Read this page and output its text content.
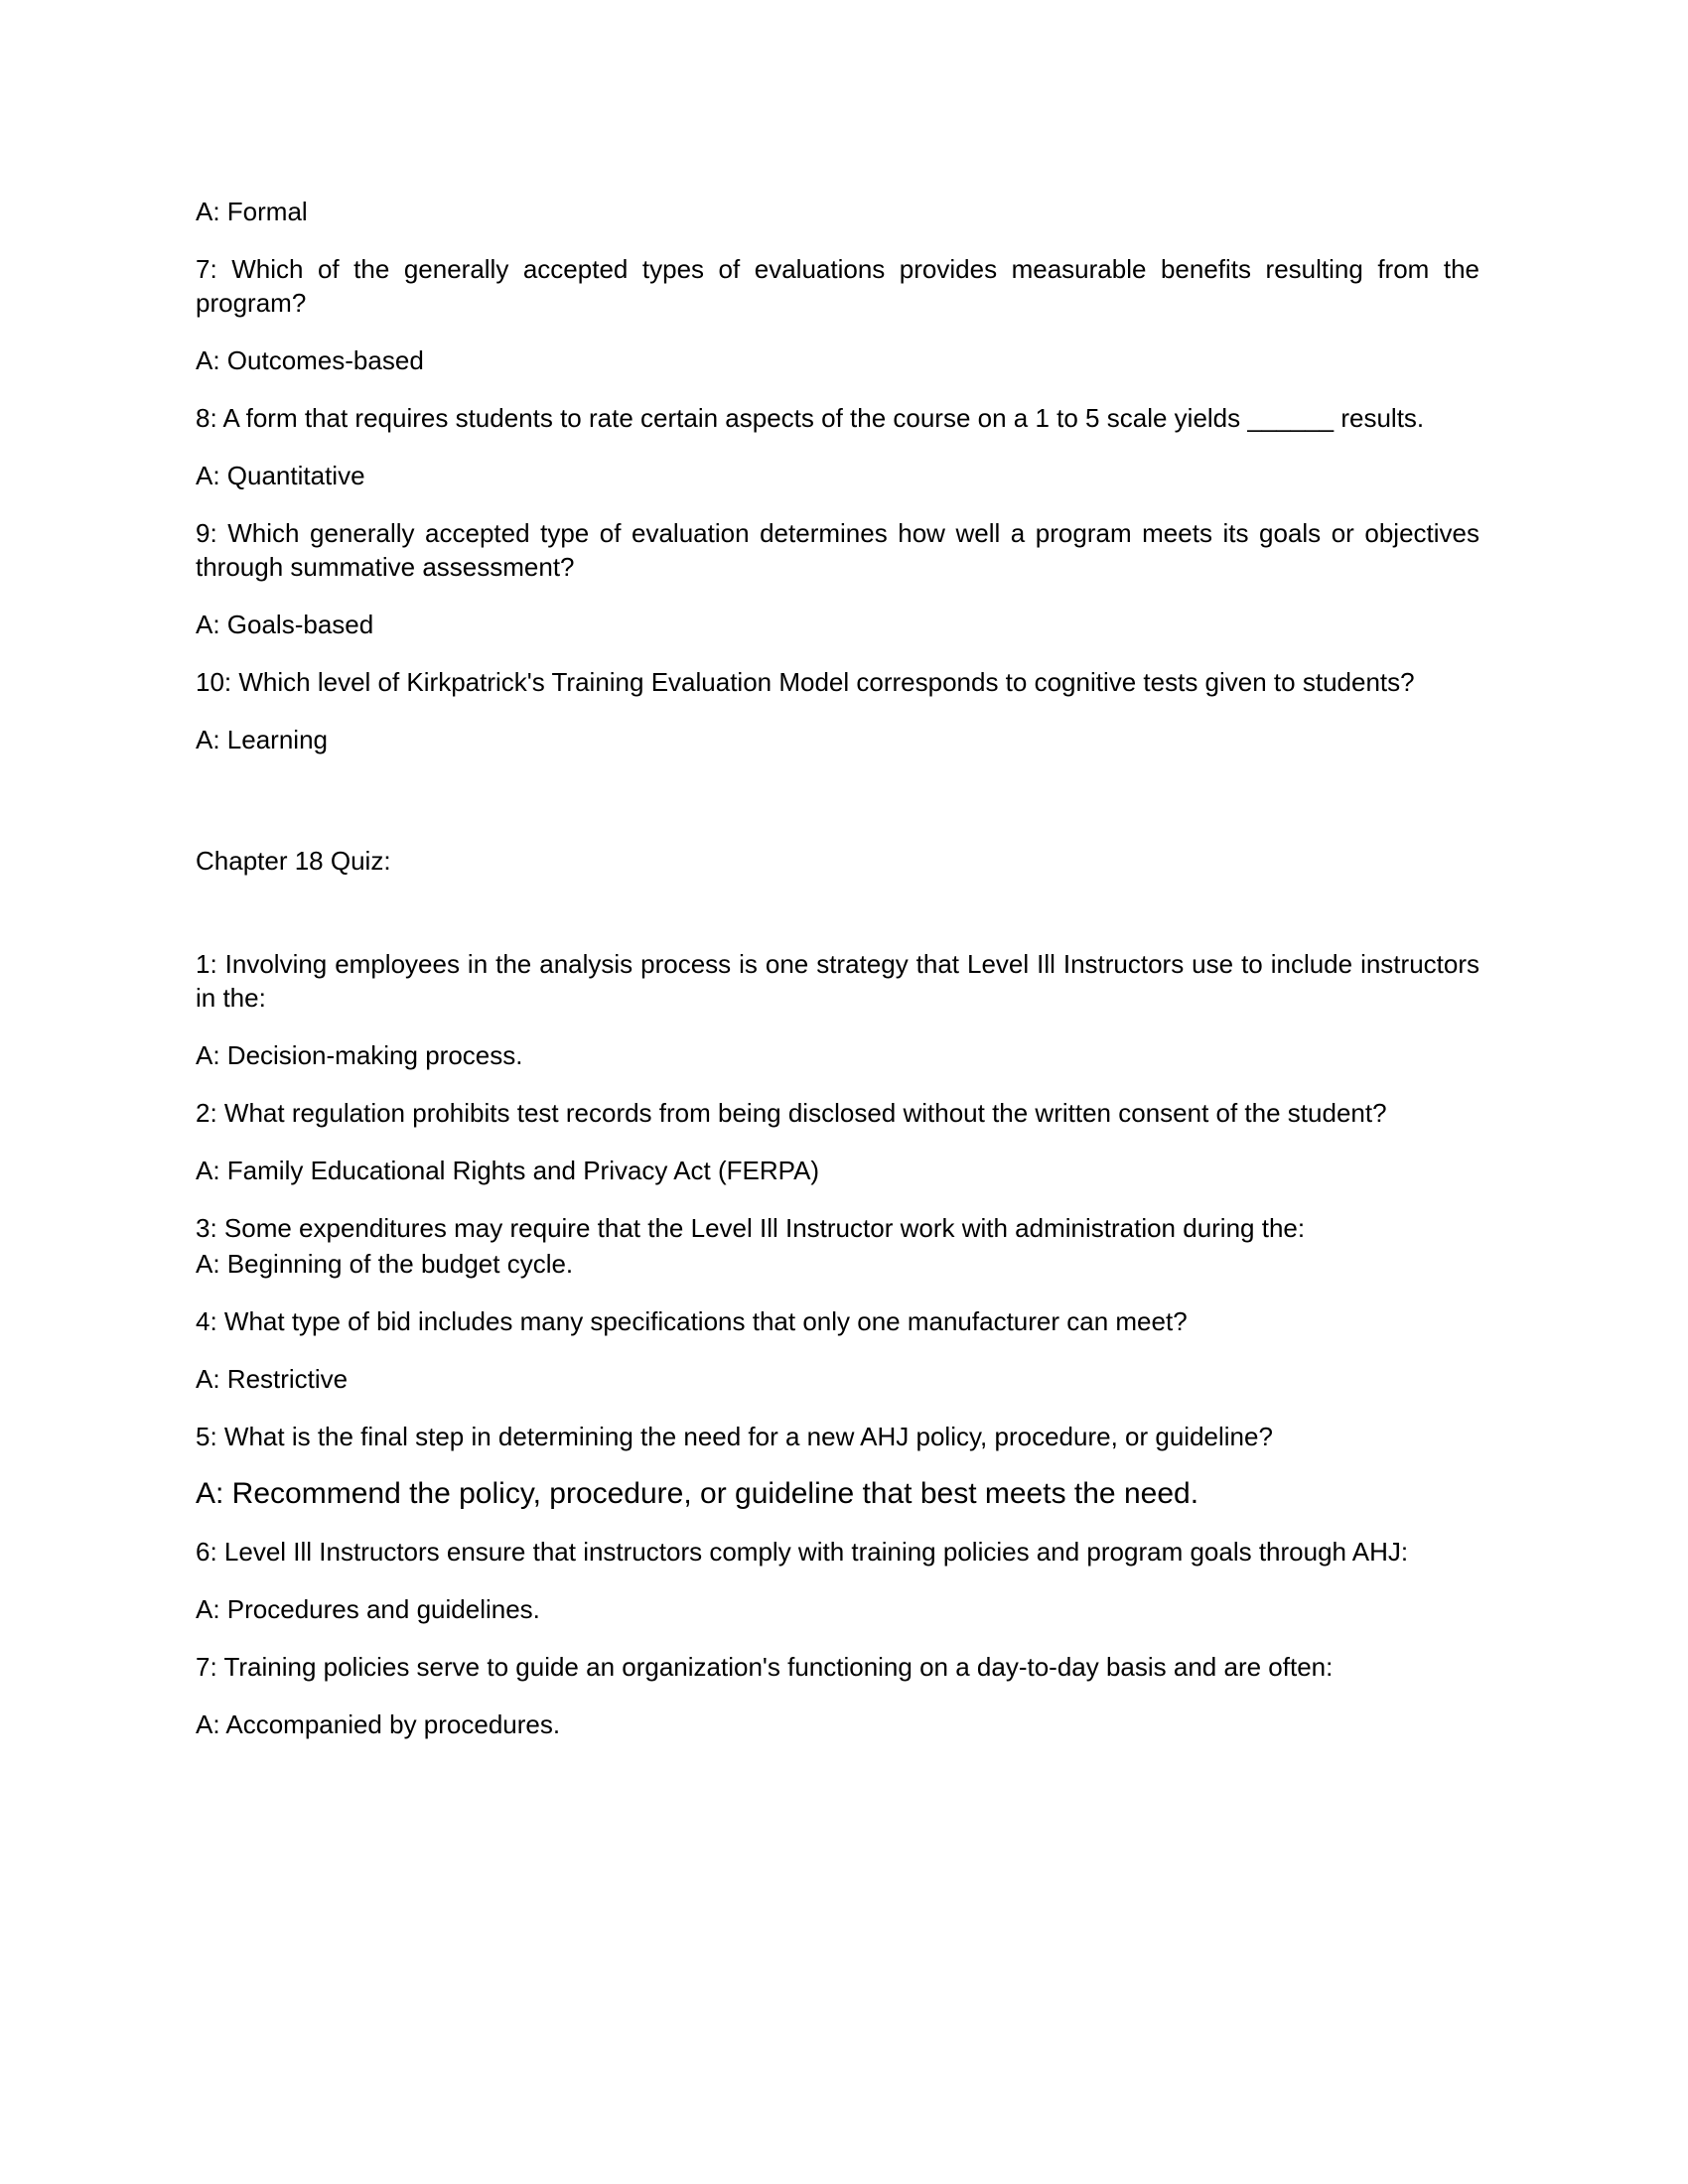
A: Formal

7: Which of the generally accepted types of evaluations provides measurable benefits resulting from the program?

A: Outcomes-based

8: A form that requires students to rate certain aspects of the course on a 1 to 5 scale yields ______ results.

A: Quantitative

9: Which generally accepted type of evaluation determines how well a program meets its goals or objectives through summative assessment?

A: Goals-based

10: Which level of Kirkpatrick's Training Evaluation Model corresponds to cognitive tests given to students?

A: Learning

Chapter 18 Quiz:

1: Involving employees in the analysis process is one strategy that Level Ill Instructors use to include instructors in the:

A: Decision-making process.

2: What regulation prohibits test records from being disclosed without the written consent of the student?

A: Family Educational Rights and Privacy Act (FERPA)

3: Some expenditures may require that the Level Ill Instructor work with administration during the:

A: Beginning of the budget cycle.

4: What type of bid includes many specifications that only one manufacturer can meet?

A: Restrictive

5: What is the final step in determining the need for a new AHJ policy, procedure, or guideline?

A: Recommend the policy, procedure, or guideline that best meets the need.

6: Level Ill Instructors ensure that instructors comply with training policies and program goals through AHJ:

A: Procedures and guidelines.

7: Training policies serve to guide an organization's functioning on a day-to-day basis and are often:

A: Accompanied by procedures.
